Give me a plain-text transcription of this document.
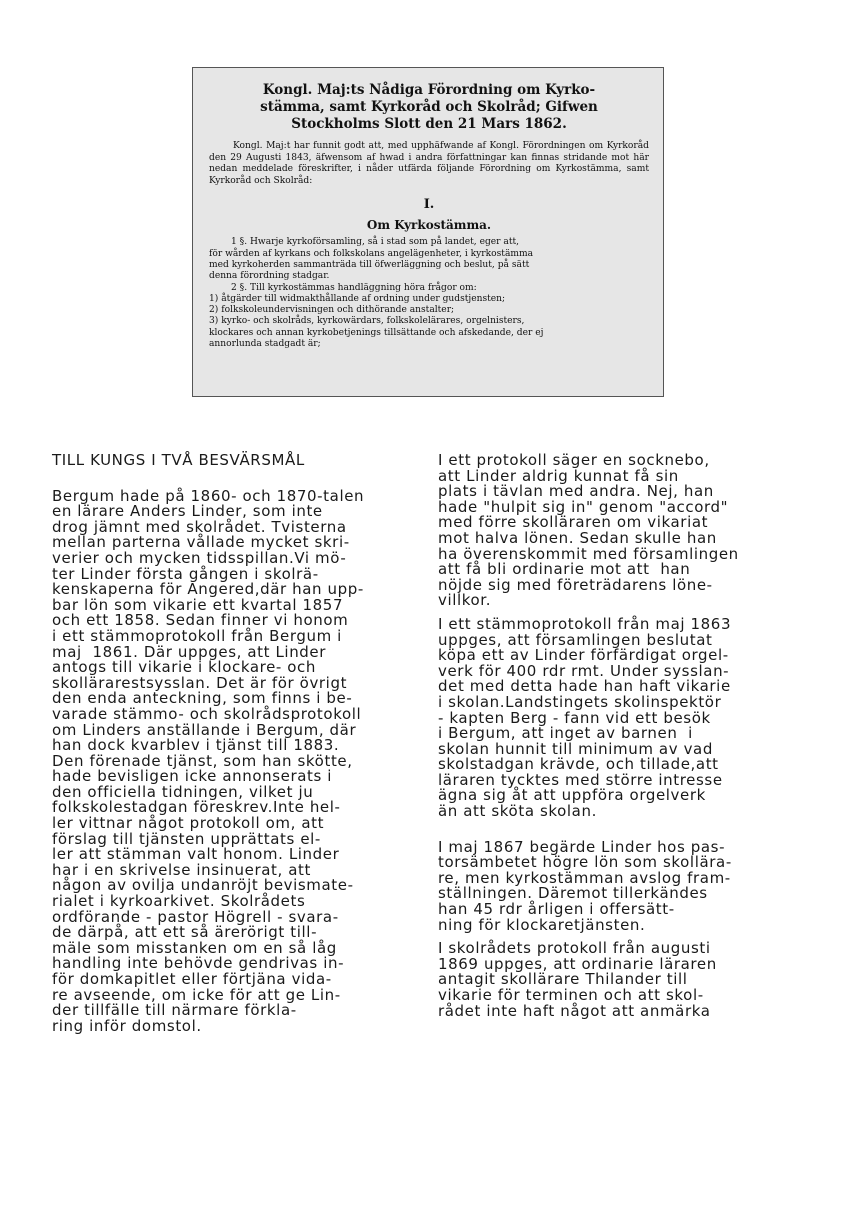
Kongl. Maj:ts Nådiga Förordning om Kyrko-
stämma, samt Kyrkoråd och Skolråd; Gifwen
Stockholms Slott den 21 Mars 1862.

Kongl. Maj:t har funnit godt att, med upphäfwande af Kongl. Förordningen om Kyrkoråd den 29 Augusti 1843, äfwensom af hwad i andra författningar kan finnas stridande mot här nedan meddelade föreskrifter, i nåder utfärda följande Förordning om Kyrkostämma, samt Kyrkoråd och Skolråd:

I.

Om Kyrkostämma.

1 §. Hwarje kyrkoförsamling, så i stad som på landet, eger att,

för wården af kyrkans och folkskolans angelägenheter, i kyrkostämma

med kyrkoherden sammanträda till öfwerläggning och beslut, på sätt

denna förordning stadgar.

2 §. Till kyrkostämmas handläggning höra frågor om:

1) åtgärder till widmakthållande af ordning under gudstjensten;

2) folkskoleundervisningen och dithörande anstalter;

3) kyrko- och skolråds, kyrkowärdars, folkskolelärares, orgelnisters,

klockares och annan kyrkobetjenings tillsättande och afskedande, der ej

annorlunda stadgadt är;

TILL KUNGS I TVÅ BESVÄRSMÅL

Bergum hade på 1860- och 1870-talen

en lärare Anders Linder, som inte

drog jämnt med skolrådet. Tvisterna

mellan parterna vållade mycket skri-

verier och mycken tidsspillan.Vi mö-

ter Linder första gången i skolrä-

kenskaperna för Angered,där han upp-

bar lön som vikarie ett kvartal 1857

och ett 1858. Sedan finner vi honom

i ett stämmoprotokoll från Bergum i

maj  1861. Där uppges, att Linder

antogs till vikarie i klockare- och

skollärarestsysslan. Det är för övrigt

den enda anteckning, som finns i be-

varade stämmo- och skolrådsprotokoll

om Linders anställande i Bergum, där

han dock kvarblev i tjänst till 1883.

Den förenade tjänst, som han skötte,

hade bevisligen icke annonserats i

den officiella tidningen, vilket ju

folkskolestadgan föreskrev.Inte hel-

ler vittnar något protokoll om, att

förslag till tjänsten upprättats el-

ler att stämman valt honom. Linder

har i en skrivelse insinuerat, att

någon av ovilja undanröjt bevismate-

rialet i kyrkoarkivet. Skolrådets

ordförande - pastor Högrell - svara-

de därpå, att ett så ärerörigt till-

mäle som misstanken om en så låg

handling inte behövde gendrivas in-

för domkapitlet eller förtjäna vida-

re avseende, om icke för att ge Lin-

der tillfälle till närmare förkla-

ring inför domstol.

I ett protokoll säger en socknebo,

att Linder aldrig kunnat få sin

plats i tävlan med andra. Nej, han

hade "hulpit sig in" genom "accord"

med förre skolläraren om vikariat

mot halva lönen. Sedan skulle han

ha överenskommit med församlingen

att få bli ordinarie mot att  han

nöjde sig med företrädarens löne-

villkor.

I ett stämmoprotokoll från maj 1863

uppges, att församlingen beslutat

köpa ett av Linder förfärdigat orgel-

verk för 400 rdr rmt. Under sysslan-

det med detta hade han haft vikarie

i skolan.Landstingets skolinspektör

- kapten Berg - fann vid ett besök

i Bergum, att inget av barnen  i

skolan hunnit till minimum av vad

skolstadgan krävde, och tillade,att

läraren tycktes med större intresse

ägna sig åt att uppföra orgelverk

än att sköta skolan.

I maj 1867 begärde Linder hos pas-

torsämbetet högre lön som skollära-

re, men kyrkostämman avslog fram-

ställningen. Däremot tillerkändes

han 45 rdr årligen i offersätt-

ning för klockaretjänsten.

I skolrådets protokoll från augusti

1869 uppges, att ordinarie läraren

antagit skollärare Thilander till

vikarie för terminen och att skol-

rådet inte haft något att anmärka
